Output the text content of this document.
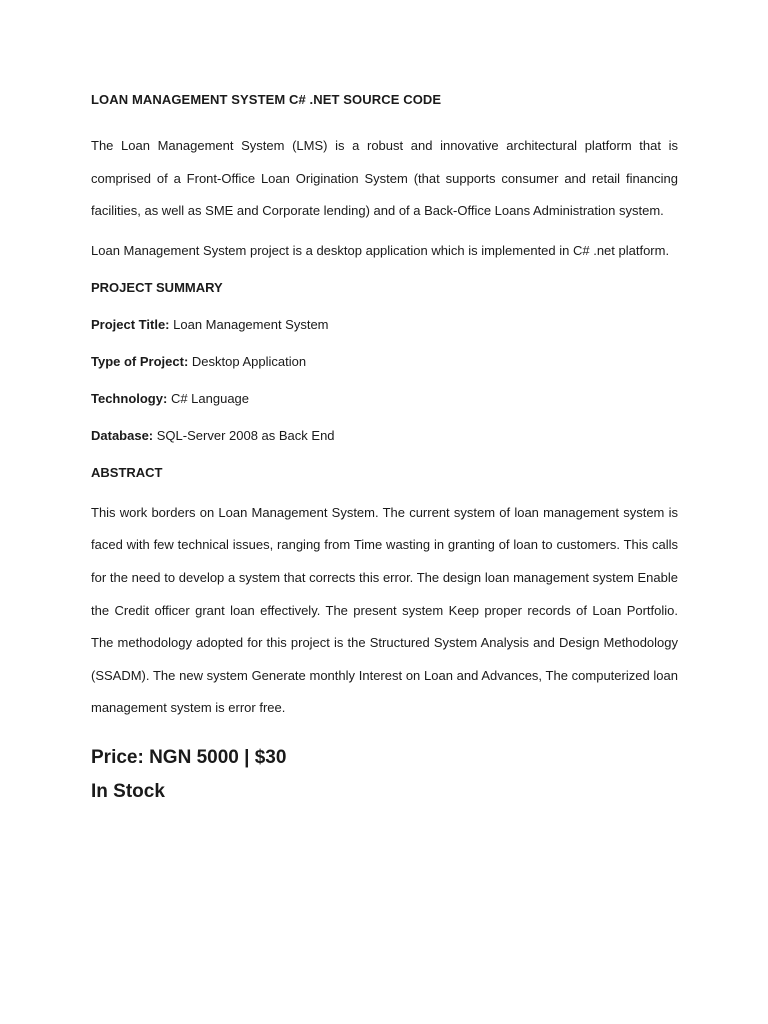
LOAN MANAGEMENT SYSTEM C# .NET SOURCE CODE

The Loan Management System (LMS) is a robust and innovative architectural platform that is comprised of a Front-Office Loan Origination System (that supports consumer and retail financing facilities, as well as SME and Corporate lending) and of a Back-Office Loans Administration system.

Loan Management System project is a desktop application which is implemented in C# .net platform.

PROJECT SUMMARY

Project Title: Loan Management System

Type of Project: Desktop Application

Technology: C# Language

Database: SQL-Server 2008 as Back End

ABSTRACT

This work borders on Loan Management System. The current system of loan management system is faced with few technical issues, ranging from Time wasting in granting of loan to customers. This calls for the need to develop a system that corrects this error. The design loan management system Enable the Credit officer grant loan effectively. The present system Keep proper records of Loan Portfolio. The methodology adopted for this project is the Structured System Analysis and Design Methodology (SSADM). The new system Generate monthly Interest on Loan and Advances, The computerized loan management system is error free.

Price: NGN 5000 | $30

In Stock
